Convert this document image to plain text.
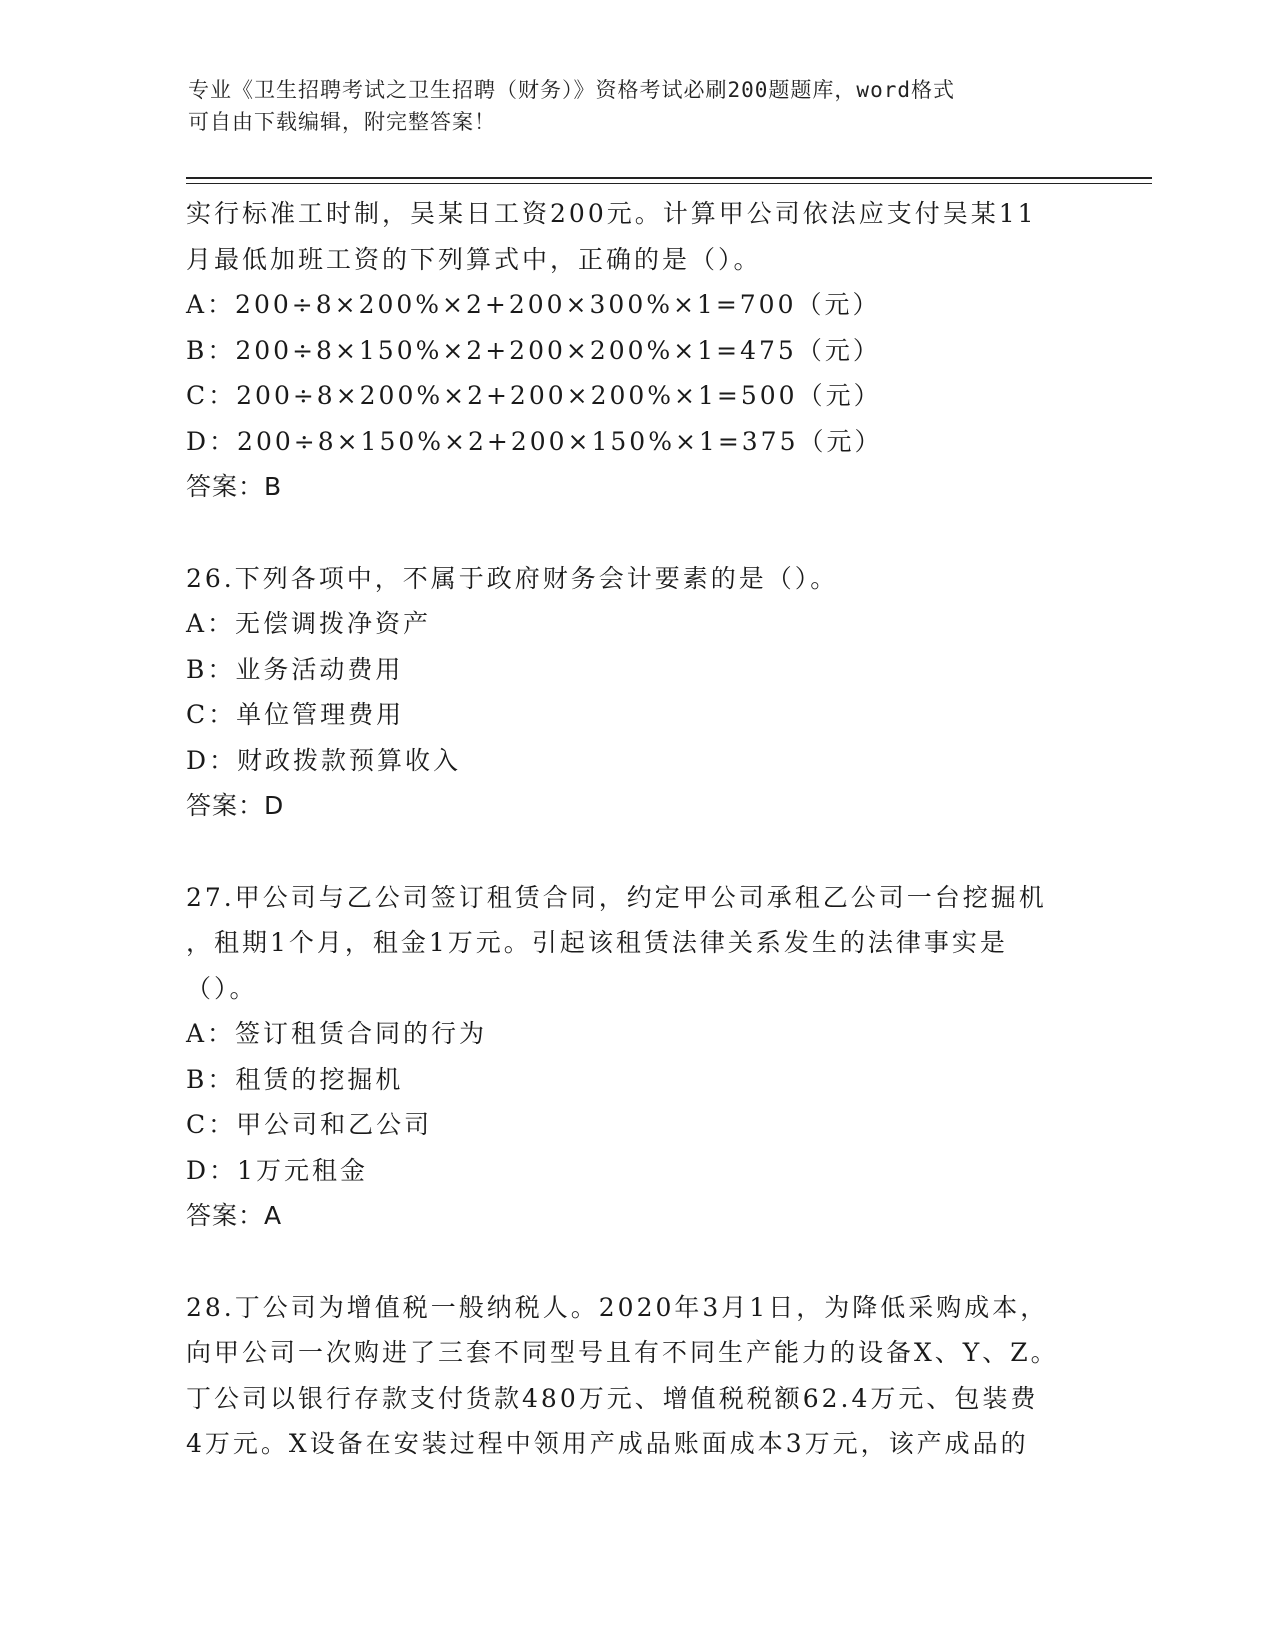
专业《卫生招聘考试之卫生招聘（财务）》资格考试必刷200题题库，word格式
可自由下载编辑，附完整答案！
实行标准工时制，吴某日工资200元。计算甲公司依法应支付吴某11
月最低加班工资的下列算式中，正确的是（）。
A：200÷8×200%×2+200×300%×1=700（元）
B：200÷8×150%×2+200×200%×1=475（元）
C：200÷8×200%×2+200×200%×1=500（元）
D：200÷8×150%×2+200×150%×1=375（元）
答案：B
26.下列各项中，不属于政府财务会计要素的是（）。
A：无偿调拨净资产
B：业务活动费用
C：单位管理费用
D：财政拨款预算收入
答案：D
27.甲公司与乙公司签订租赁合同，约定甲公司承租乙公司一台挖掘机
，租期1个月，租金1万元。引起该租赁法律关系发生的法律事实是
（）。
A：签订租赁合同的行为
B：租赁的挖掘机
C：甲公司和乙公司
D：1万元租金
答案：A
28.丁公司为增值税一般纳税人。2020年3月1日，为降低采购成本，
向甲公司一次购进了三套不同型号且有不同生产能力的设备X、Y、Z。
丁公司以银行存款支付货款480万元、增值税税额62.4万元、包装费
4万元。X设备在安装过程中领用产成品账面成本3万元，该产成品的
